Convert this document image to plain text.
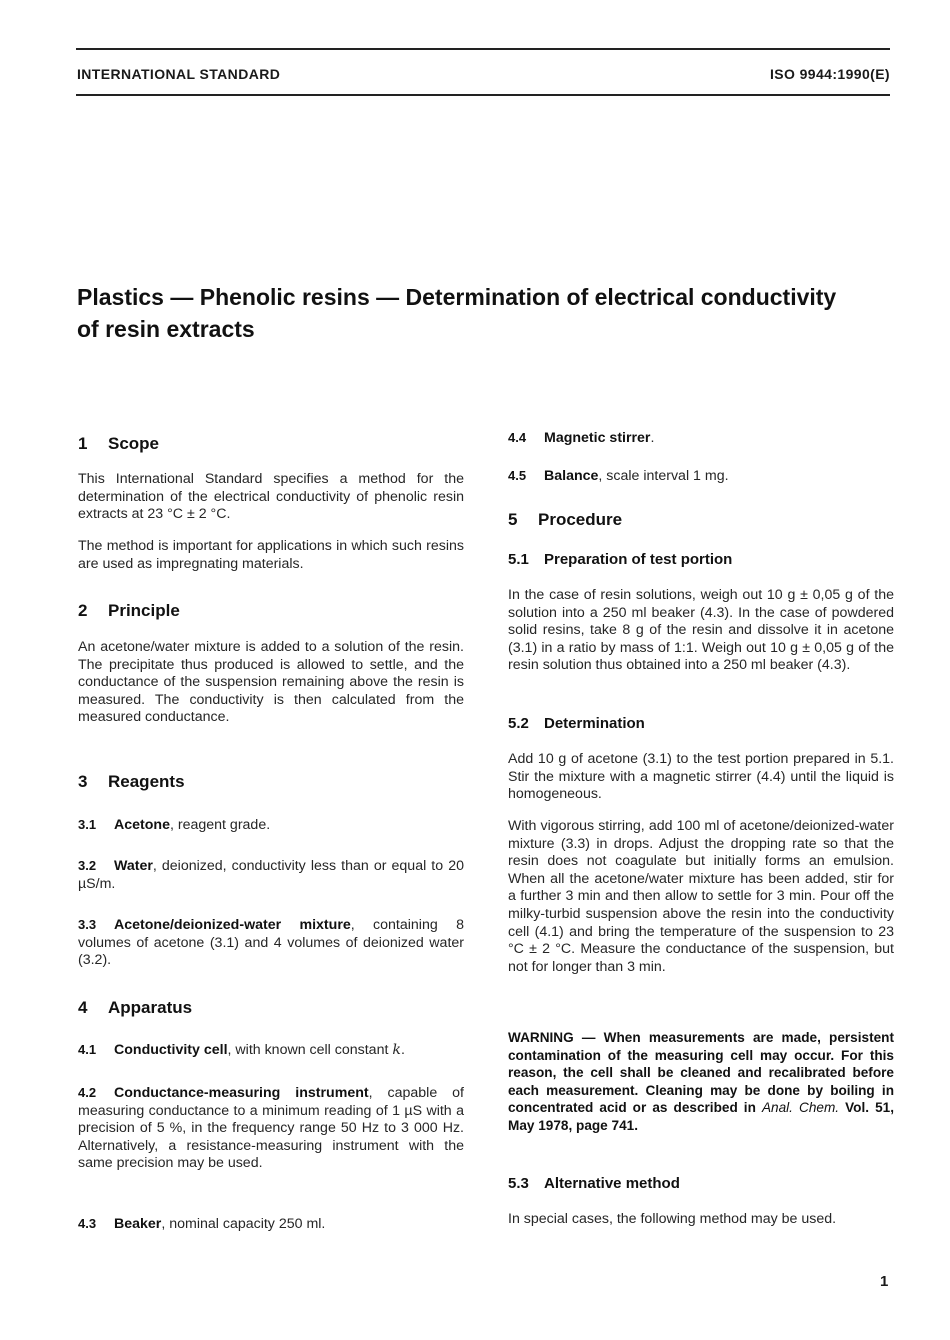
INTERNATIONAL STANDARD	ISO 9944:1990(E)
Plastics — Phenolic resins — Determination of electrical conductivity of resin extracts
1 Scope
This International Standard specifies a method for the determination of the electrical conductivity of phenolic resin extracts at 23 °C ± 2 °C.
The method is important for applications in which such resins are used as impregnating materials.
2 Principle
An acetone/water mixture is added to a solution of the resin. The precipitate thus produced is allowed to settle, and the conductance of the suspension remaining above the resin is measured. The conductivity is then calculated from the measured conductance.
3 Reagents
3.1 Acetone, reagent grade.
3.2 Water, deionized, conductivity less than or equal to 20 µS/m.
3.3 Acetone/deionized-water mixture, containing 8 volumes of acetone (3.1) and 4 volumes of deionized water (3.2).
4 Apparatus
4.1 Conductivity cell, with known cell constant k.
4.2 Conductance-measuring instrument, capable of measuring conductance to a minimum reading of 1 µS with a precision of 5 %, in the frequency range 50 Hz to 3 000 Hz. Alternatively, a resistance-measuring instrument with the same precision may be used.
4.3 Beaker, nominal capacity 250 ml.
4.4 Magnetic stirrer.
4.5 Balance, scale interval 1 mg.
5 Procedure
5.1 Preparation of test portion
In the case of resin solutions, weigh out 10 g ± 0,05 g of the solution into a 250 ml beaker (4.3). In the case of powdered solid resins, take 8 g of the resin and dissolve it in acetone (3.1) in a ratio by mass of 1:1. Weigh out 10 g ± 0,05 g of the resin solution thus obtained into a 250 ml beaker (4.3).
5.2 Determination
Add 10 g of acetone (3.1) to the test portion prepared in 5.1. Stir the mixture with a magnetic stirrer (4.4) until the liquid is homogeneous.
With vigorous stirring, add 100 ml of acetone/deionized-water mixture (3.3) in drops. Adjust the dropping rate so that the resin does not coagulate but initially forms an emulsion. When all the acetone/water mixture has been added, stir for a further 3 min and then allow to settle for 3 min. Pour off the milky-turbid suspension above the resin into the conductivity cell (4.1) and bring the temperature of the suspension to 23 °C ± 2 °C. Measure the conductance of the suspension, but not for longer than 3 min.
WARNING — When measurements are made, persistent contamination of the measuring cell may occur. For this reason, the cell shall be cleaned and recalibrated before each measurement. Cleaning may be done by boiling in concentrated acid or as described in Anal. Chem. Vol. 51, May 1978, page 741.
5.3 Alternative method
In special cases, the following method may be used.
1
